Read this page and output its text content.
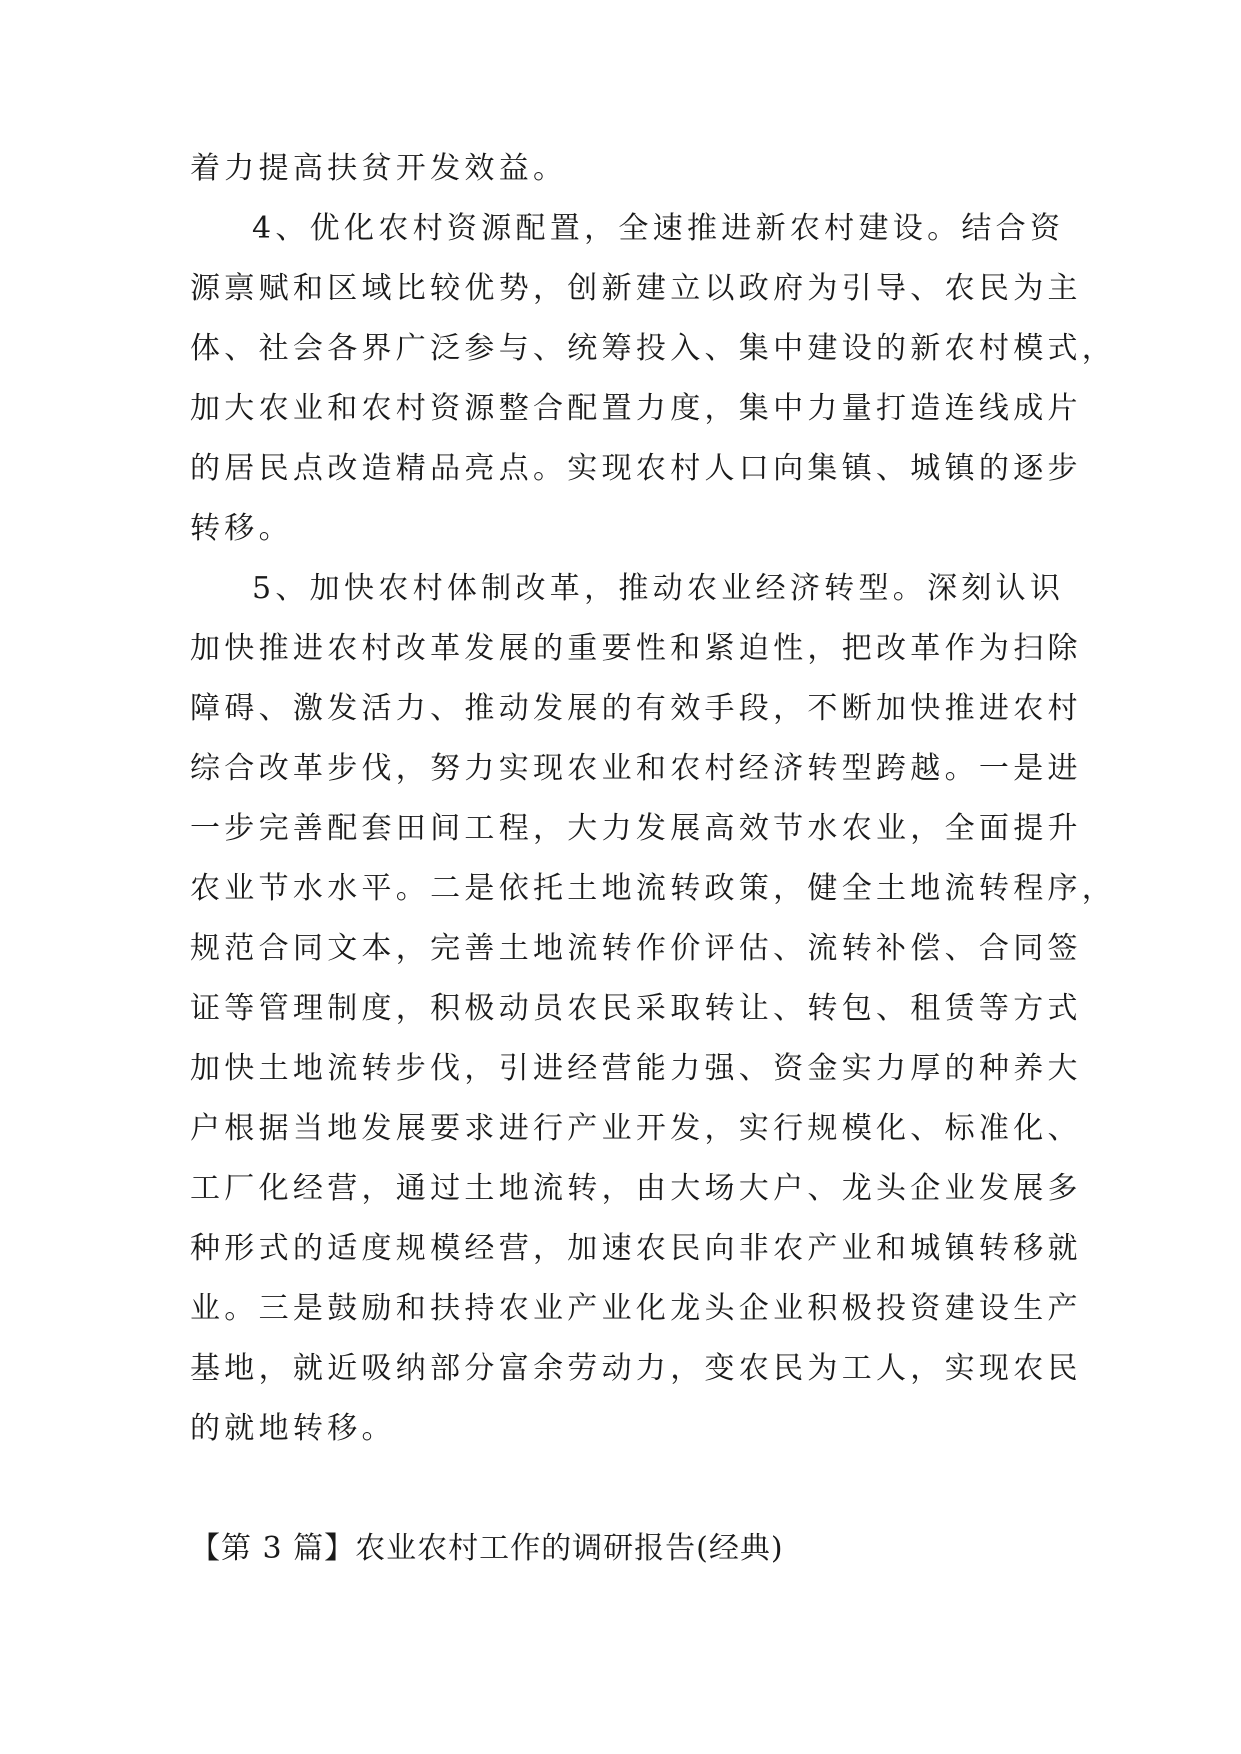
着力提高扶贫开发效益。
4、优化农村资源配置，全速推进新农村建设。结合资
源禀赋和区域比较优势，创新建立以政府为引导、农民为主
体、社会各界广泛参与、统筹投入、集中建设的新农村模式，
加大农业和农村资源整合配置力度，集中力量打造连线成片
的居民点改造精品亮点。实现农村人口向集镇、城镇的逐步
转移。
5、加快农村体制改革，推动农业经济转型。深刻认识
加快推进农村改革发展的重要性和紧迫性，把改革作为扫除
障碍、激发活力、推动发展的有效手段，不断加快推进农村
综合改革步伐，努力实现农业和农村经济转型跨越。一是进
一步完善配套田间工程，大力发展高效节水农业，全面提升
农业节水水平。二是依托土地流转政策，健全土地流转程序，
规范合同文本，完善土地流转作价评估、流转补偿、合同签
证等管理制度，积极动员农民采取转让、转包、租赁等方式
加快土地流转步伐，引进经营能力强、资金实力厚的种养大
户根据当地发展要求进行产业开发，实行规模化、标准化、
工厂化经营，通过土地流转，由大场大户、龙头企业发展多
种形式的适度规模经营，加速农民向非农产业和城镇转移就
业。三是鼓励和扶持农业产业化龙头企业积极投资建设生产
基地，就近吸纳部分富余劳动力，变农民为工人，实现农民
的就地转移。
【第 3 篇】农业农村工作的调研报告(经典)
